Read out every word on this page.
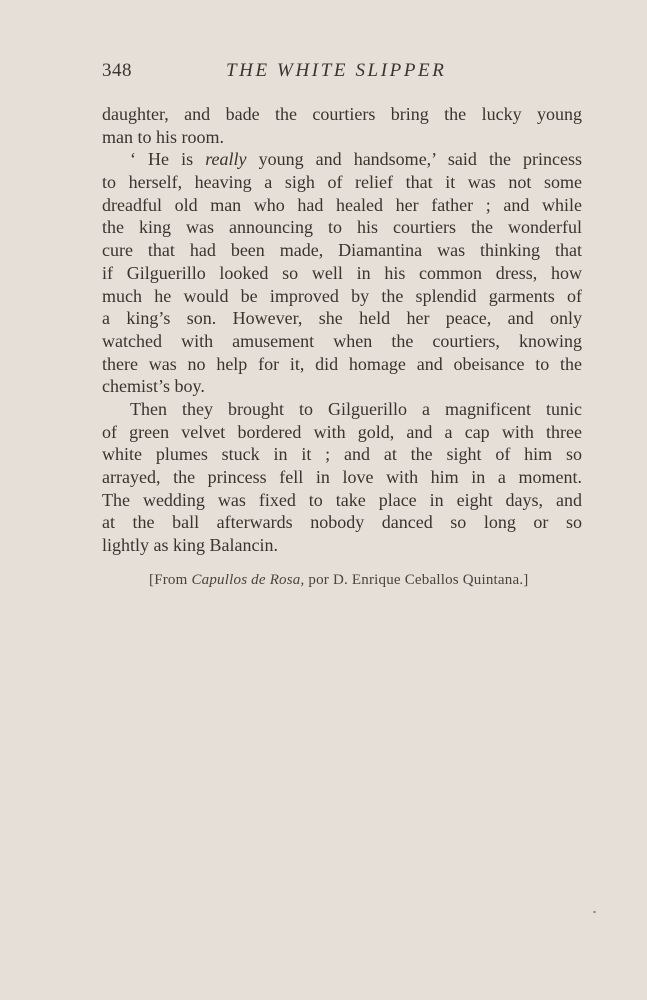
348	THE WHITE SLIPPER
daughter, and bade the courtiers bring the lucky young
man to his room.
‘ He is really young and handsome,’ said the princess
to herself, heaving a sigh of relief that it was not some
dreadful old man who had healed her father ; and while
the king was announcing to his courtiers the wonderful
cure that had been made, Diamantina was thinking that
if Gilguerillo looked so well in his common dress, how
much he would be improved by the splendid garments of
a king’s son. However, she held her peace, and only
watched with amusement when the courtiers, knowing
there was no help for it, did homage and obeisance to the
chemist’s boy.
Then they brought to Gilguerillo a magnificent tunic
of green velvet bordered with gold, and a cap with three
white plumes stuck in it ; and at the sight of him so
arrayed, the princess fell in love with him in a moment.
The wedding was fixed to take place in eight days, and
at the ball afterwards nobody danced so long or so
lightly as king Balancin.
[From Capullos de Rosa, por D. Enrique Ceballos Quintana.]
